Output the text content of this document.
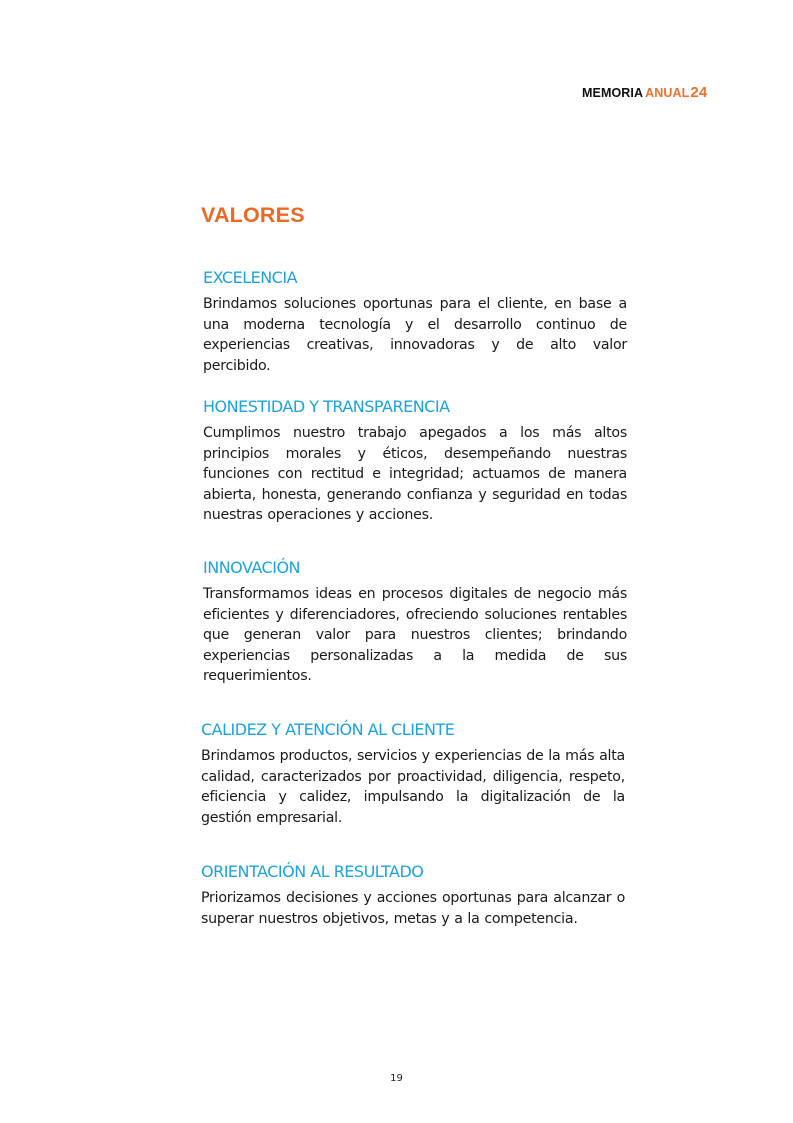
MEMORIA ANUAL24
VALORES
EXCELENCIA

Brindamos soluciones oportunas para el cliente, en base a una moderna tecnología y el desarrollo continuo de experiencias creativas, innovadoras y de alto valor percibido.

HONESTIDAD Y TRANSPARENCIA

Cumplimos nuestro trabajo apegados a los más altos principios morales y éticos, desempeñando nuestras funciones con rectitud e integridad; actuamos de manera abierta, honesta, generando confianza y seguridad en todas nuestras operaciones y acciones.

INNOVACIÓN

Transformamos ideas en procesos digitales de negocio más eficientes y diferenciadores, ofreciendo soluciones rentables que generan valor para nuestros clientes; brindando experiencias personalizadas a la medida de sus requerimientos.

CALIDEZ Y ATENCIÓN AL CLIENTE

Brindamos productos, servicios y experiencias de la más alta calidad, caracterizados por proactividad, diligencia, respeto, eficiencia y calidez, impulsando la digitalización de la gestión empresarial.

ORIENTACIÓN AL RESULTADO

Priorizamos decisiones y acciones oportunas para alcanzar o superar nuestros objetivos, metas y a la competencia.

19
